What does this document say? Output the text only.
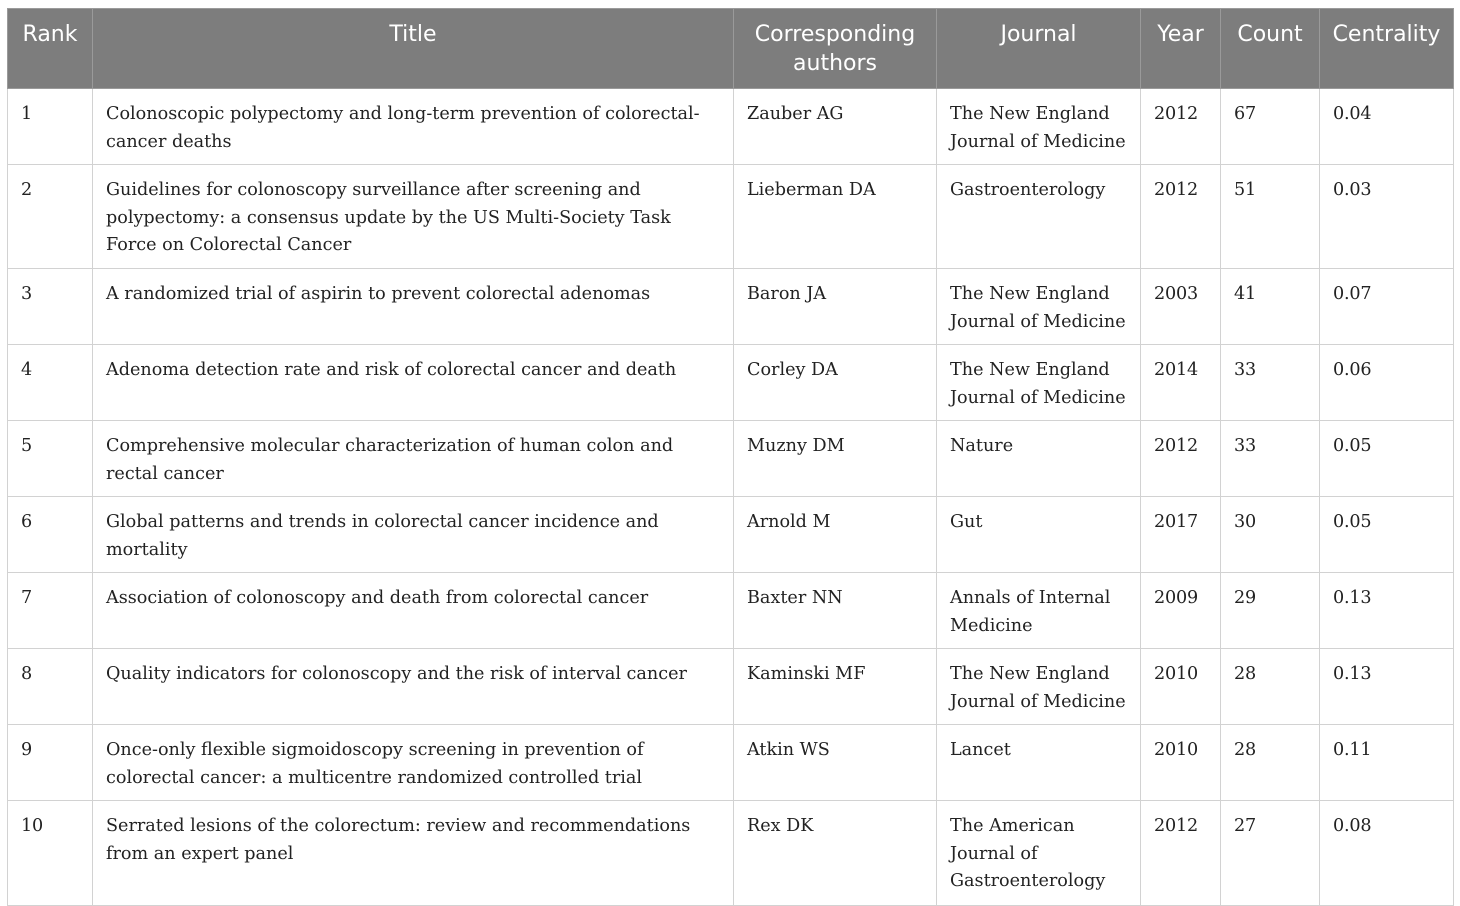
Rank	Title	Corresponding authors	Journal	Year	Count	Centrality
1	Colonoscopic polypectomy and long-term prevention of colorectal-cancer deaths	Zauber AG	The New England Journal of Medicine	2012	67	0.04
2	Guidelines for colonoscopy surveillance after screening and polypectomy: a consensus update by the US Multi-Society Task Force on Colorectal Cancer	Lieberman DA	Gastroenterology	2012	51	0.03
3	A randomized trial of aspirin to prevent colorectal adenomas	Baron JA	The New England Journal of Medicine	2003	41	0.07
4	Adenoma detection rate and risk of colorectal cancer and death	Corley DA	The New England Journal of Medicine	2014	33	0.06
5	Comprehensive molecular characterization of human colon and rectal cancer	Muzny DM	Nature	2012	33	0.05
6	Global patterns and trends in colorectal cancer incidence and mortality	Arnold M	Gut	2017	30	0.05
7	Association of colonoscopy and death from colorectal cancer	Baxter NN	Annals of Internal Medicine	2009	29	0.13
8	Quality indicators for colonoscopy and the risk of interval cancer	Kaminski MF	The New England Journal of Medicine	2010	28	0.13
9	Once-only flexible sigmoidoscopy screening in prevention of colorectal cancer: a multicentre randomized controlled trial	Atkin WS	Lancet	2010	28	0.11
10	Serrated lesions of the colorectum: review and recommendations from an expert panel	Rex DK	The American Journal of Gastroenterology	2012	27	0.08
